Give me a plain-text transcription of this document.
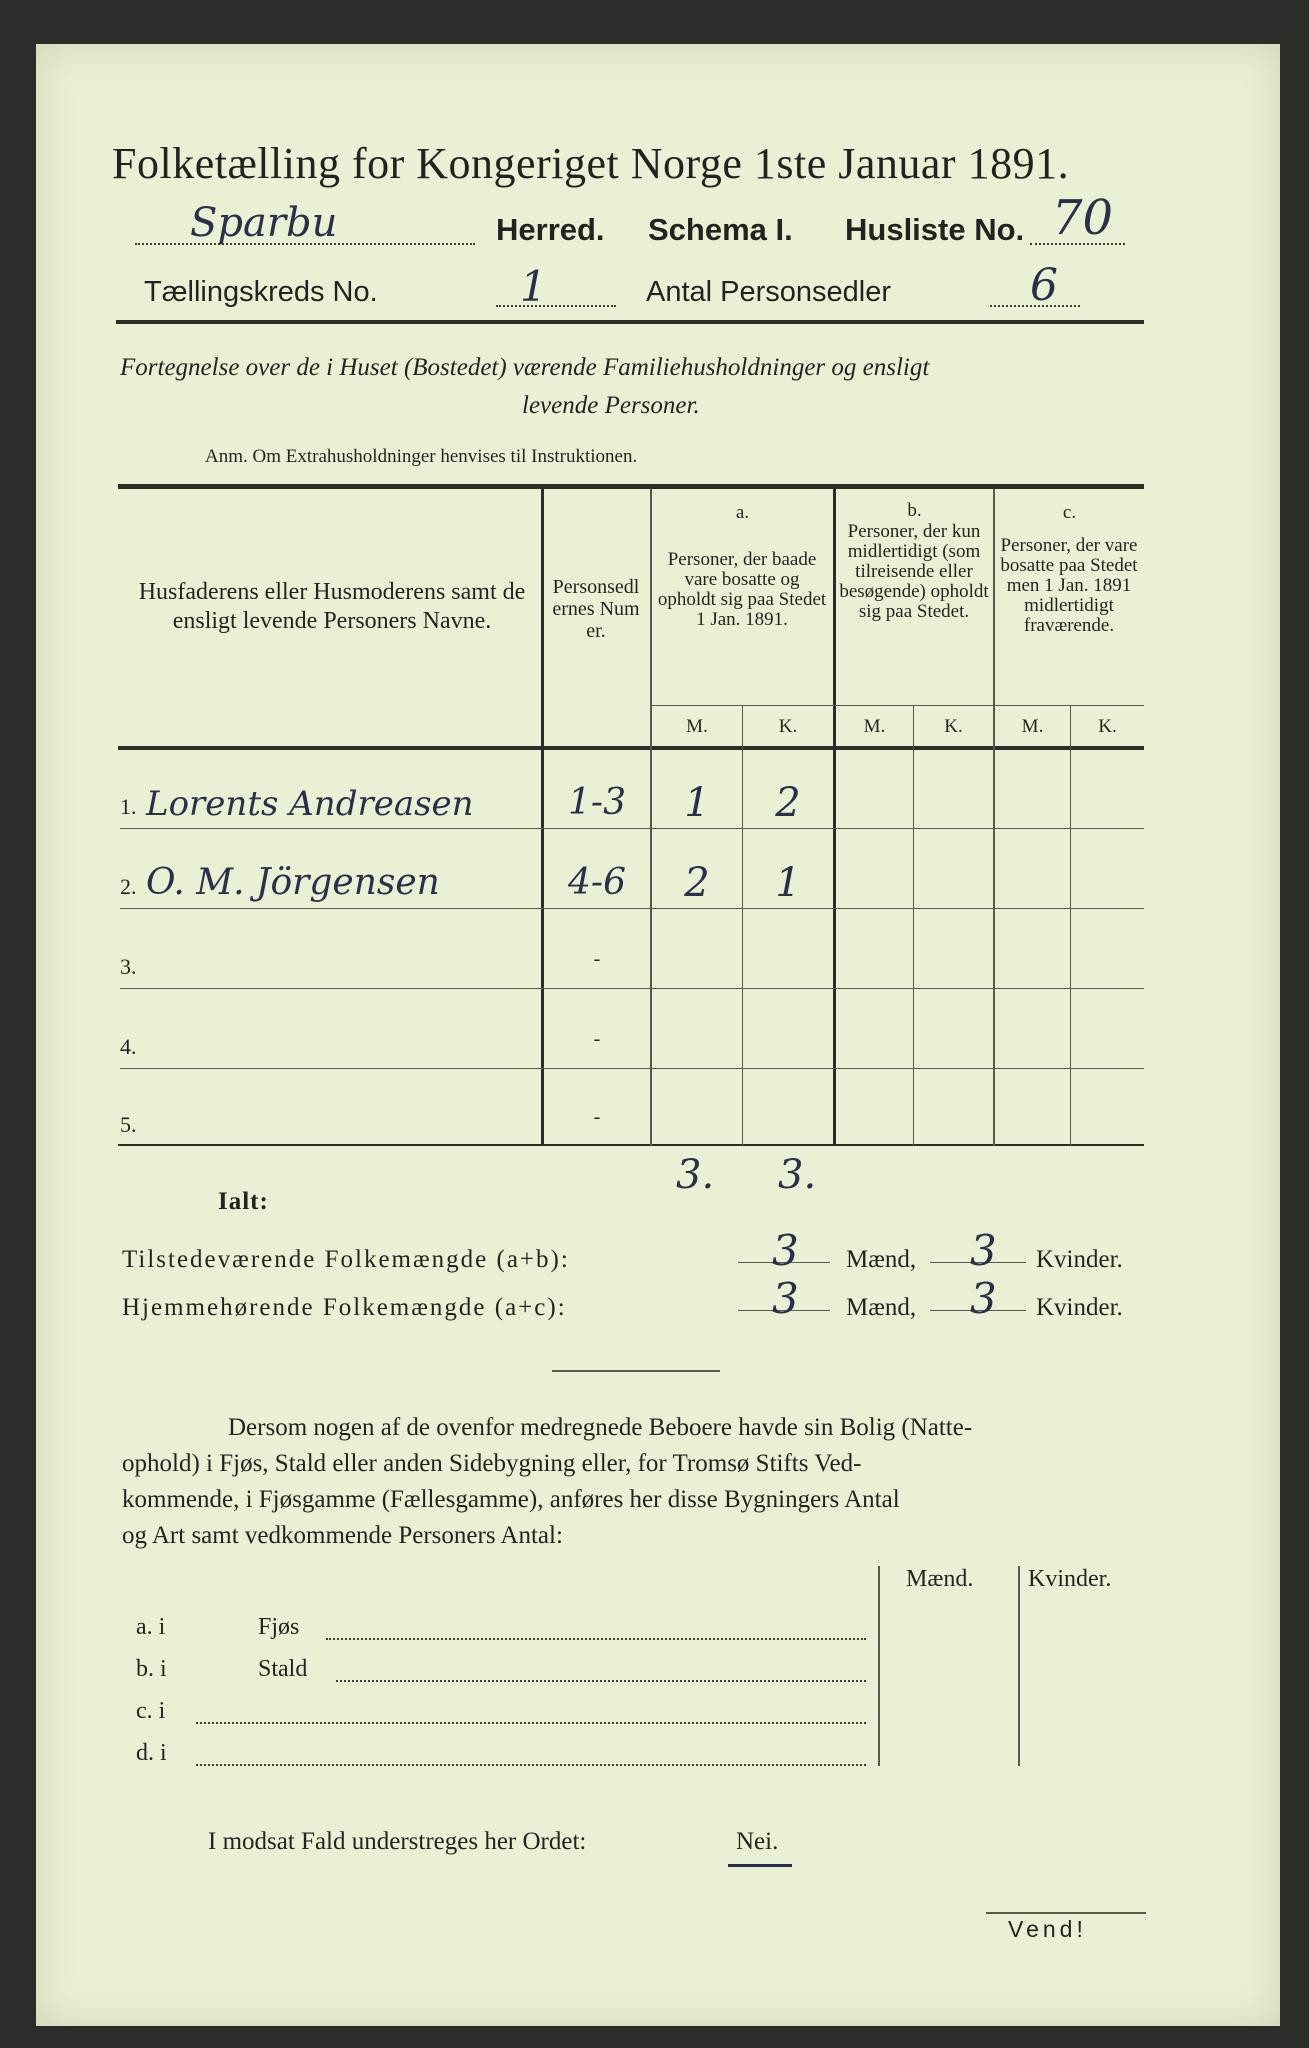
Folketælling for Kongeriget Norge 1ste Januar 1891.
Sparbu	Herred. Schema I. Husliste No. 70
Tællingskreds No.	1	Antal Personsedler	6
Fortegnelse over de i Huset (Bostedet) værende Familiehusholdninger og ensligt
levende Personer.
Anm. Om Extrahusholdninger henvises til Instruktionen.
Husfaderens eller Husmoderens samt de ensligt levende Personers Navne.
Personsedlernes Numer.
a.
Personer, der baade vare bosatte og opholdt sig paa Stedet 1 Jan. 1891.
b.
Personer, der kun midlertidigt (som tilreisende eller besøgende) opholdt sig paa Stedet.
c.
Personer, der vare bosatte paa Stedet men 1 Jan. 1891 midlertidigt fraværende.
M.	K.	M.	K.	M.	K.
1. Lorents Andreasen	1-3	1	2
2. O. M. Jörgensen	4-6	2	1
3.	-
4.	-
5.	-
Ialt:
3. 3.
Tilstedeværende Folkemængde (a+b):	3 Mænd, 3 Kvinder.
Hjemmehørende Folkemængde (a+c):	3 Mænd, 3 Kvinder.
Dersom nogen af de ovenfor medregnede Beboere havde sin Bolig (Natte-
ophold) i Fjøs, Stald eller anden Sidebygning eller, for Tromsø Stifts Ved-
kommende, i Fjøsgamme (Fællesgamme), anføres her disse Bygningers Antal
og Art samt vedkommende Personers Antal:
Mænd. Kvinder.
a. i	Fjøs
b. i	Stald
c. i
d. i
I modsat Fald understreges her Ordet:	Nei.
Vend!
